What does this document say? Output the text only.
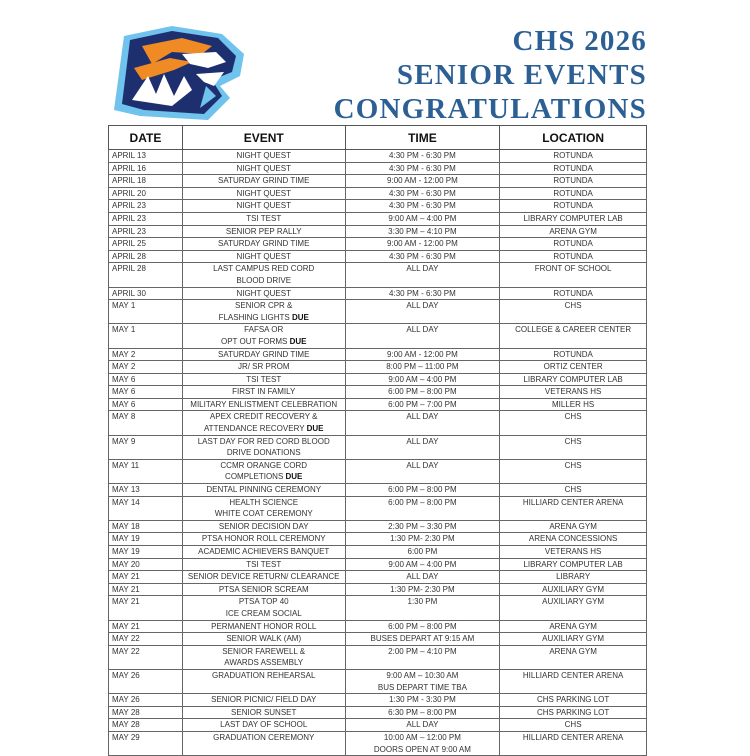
CHS 2026
SENIOR EVENTS
CONGRATULATIONS
DATE	EVENT	TIME	LOCATION
APRIL 13	NIGHT QUEST	4:30 PM - 6:30 PM	ROTUNDA
APRIL 16	NIGHT QUEST	4:30 PM - 6:30 PM	ROTUNDA
APRIL 18	SATURDAY GRIND TIME	9:00 AM - 12:00 PM	ROTUNDA
APRIL 20	NIGHT QUEST	4:30 PM - 6:30 PM	ROTUNDA
APRIL 23	NIGHT QUEST	4:30 PM - 6:30 PM	ROTUNDA
APRIL 23	TSI TEST	9:00 AM – 4:00 PM	LIBRARY COMPUTER LAB
APRIL 23	SENIOR PEP RALLY	3:30 PM – 4:10 PM	ARENA GYM
APRIL 25	SATURDAY GRIND TIME	9:00 AM - 12:00 PM	ROTUNDA
APRIL 28	NIGHT QUEST	4:30 PM - 6:30 PM	ROTUNDA
APRIL 28	LAST CAMPUS RED CORD
BLOOD DRIVE	ALL DAY	FRONT OF SCHOOL
APRIL 30	NIGHT QUEST	4:30 PM - 6:30 PM	ROTUNDA
MAY 1	SENIOR CPR &
FLASHING LIGHTS DUE	ALL DAY	CHS
MAY 1	FAFSA OR
OPT OUT FORMS DUE	ALL DAY	COLLEGE & CAREER CENTER
MAY 2	SATURDAY GRIND TIME	9:00 AM - 12:00 PM	ROTUNDA
MAY 2	JR/ SR PROM	8:00 PM – 11:00 PM	ORTIZ CENTER
MAY 6	TSI TEST	9:00 AM – 4:00 PM	LIBRARY COMPUTER LAB
MAY 6	FIRST IN FAMILY	6:00 PM – 8:00 PM	VETERANS HS
MAY 6	MILITARY ENLISTMENT CELEBRATION	6:00 PM – 7:00 PM	MILLER HS
MAY 8	APEX CREDIT RECOVERY &
ATTENDANCE RECOVERY DUE	ALL DAY	CHS
MAY 9	LAST DAY FOR RED CORD BLOOD
DRIVE DONATIONS	ALL DAY	CHS
MAY 11	CCMR ORANGE CORD
COMPLETIONS DUE	ALL DAY	CHS
MAY 13	DENTAL PINNING CEREMONY	6:00 PM – 8:00 PM	CHS
MAY 14	HEALTH SCIENCE
WHITE COAT CEREMONY	6:00 PM – 8:00 PM	HILLIARD CENTER ARENA
MAY 18	SENIOR DECISION DAY	2:30 PM – 3:30 PM	ARENA GYM
MAY 19	PTSA HONOR ROLL CEREMONY	1:30 PM- 2:30 PM	ARENA CONCESSIONS
MAY 19	ACADEMIC ACHIEVERS BANQUET	6:00 PM	VETERANS HS
MAY 20	TSI TEST	9:00 AM – 4:00 PM	LIBRARY COMPUTER LAB
MAY 21	SENIOR DEVICE RETURN/ CLEARANCE	ALL DAY	LIBRARY
MAY 21	PTSA SENIOR SCREAM	1:30 PM- 2:30 PM	AUXILIARY GYM
MAY 21	PTSA TOP 40
ICE CREAM SOCIAL	1:30 PM	AUXILIARY GYM
MAY 21	PERMANENT HONOR ROLL	6:00 PM – 8:00 PM	ARENA GYM
MAY 22	SENIOR WALK (AM)	BUSES DEPART AT 9:15 AM	AUXILIARY GYM
MAY 22	SENIOR FAREWELL &
AWARDS ASSEMBLY	2:00 PM – 4:10 PM	ARENA GYM
MAY 26	GRADUATION REHEARSAL	9:00 AM – 10:30 AM
BUS DEPART TIME TBA	HILLIARD CENTER ARENA
MAY 26	SENIOR PICNIC/ FIELD DAY	1:30 PM - 3:30 PM	CHS PARKING LOT
MAY 28	SENIOR SUNSET	6:30 PM – 8:00 PM	CHS PARKING LOT
MAY 28	LAST DAY OF SCHOOL	ALL DAY	CHS
MAY 29	GRADUATION CEREMONY	10:00 AM – 12:00 PM
DOORS OPEN AT 9:00 AM	HILLIARD CENTER ARENA
